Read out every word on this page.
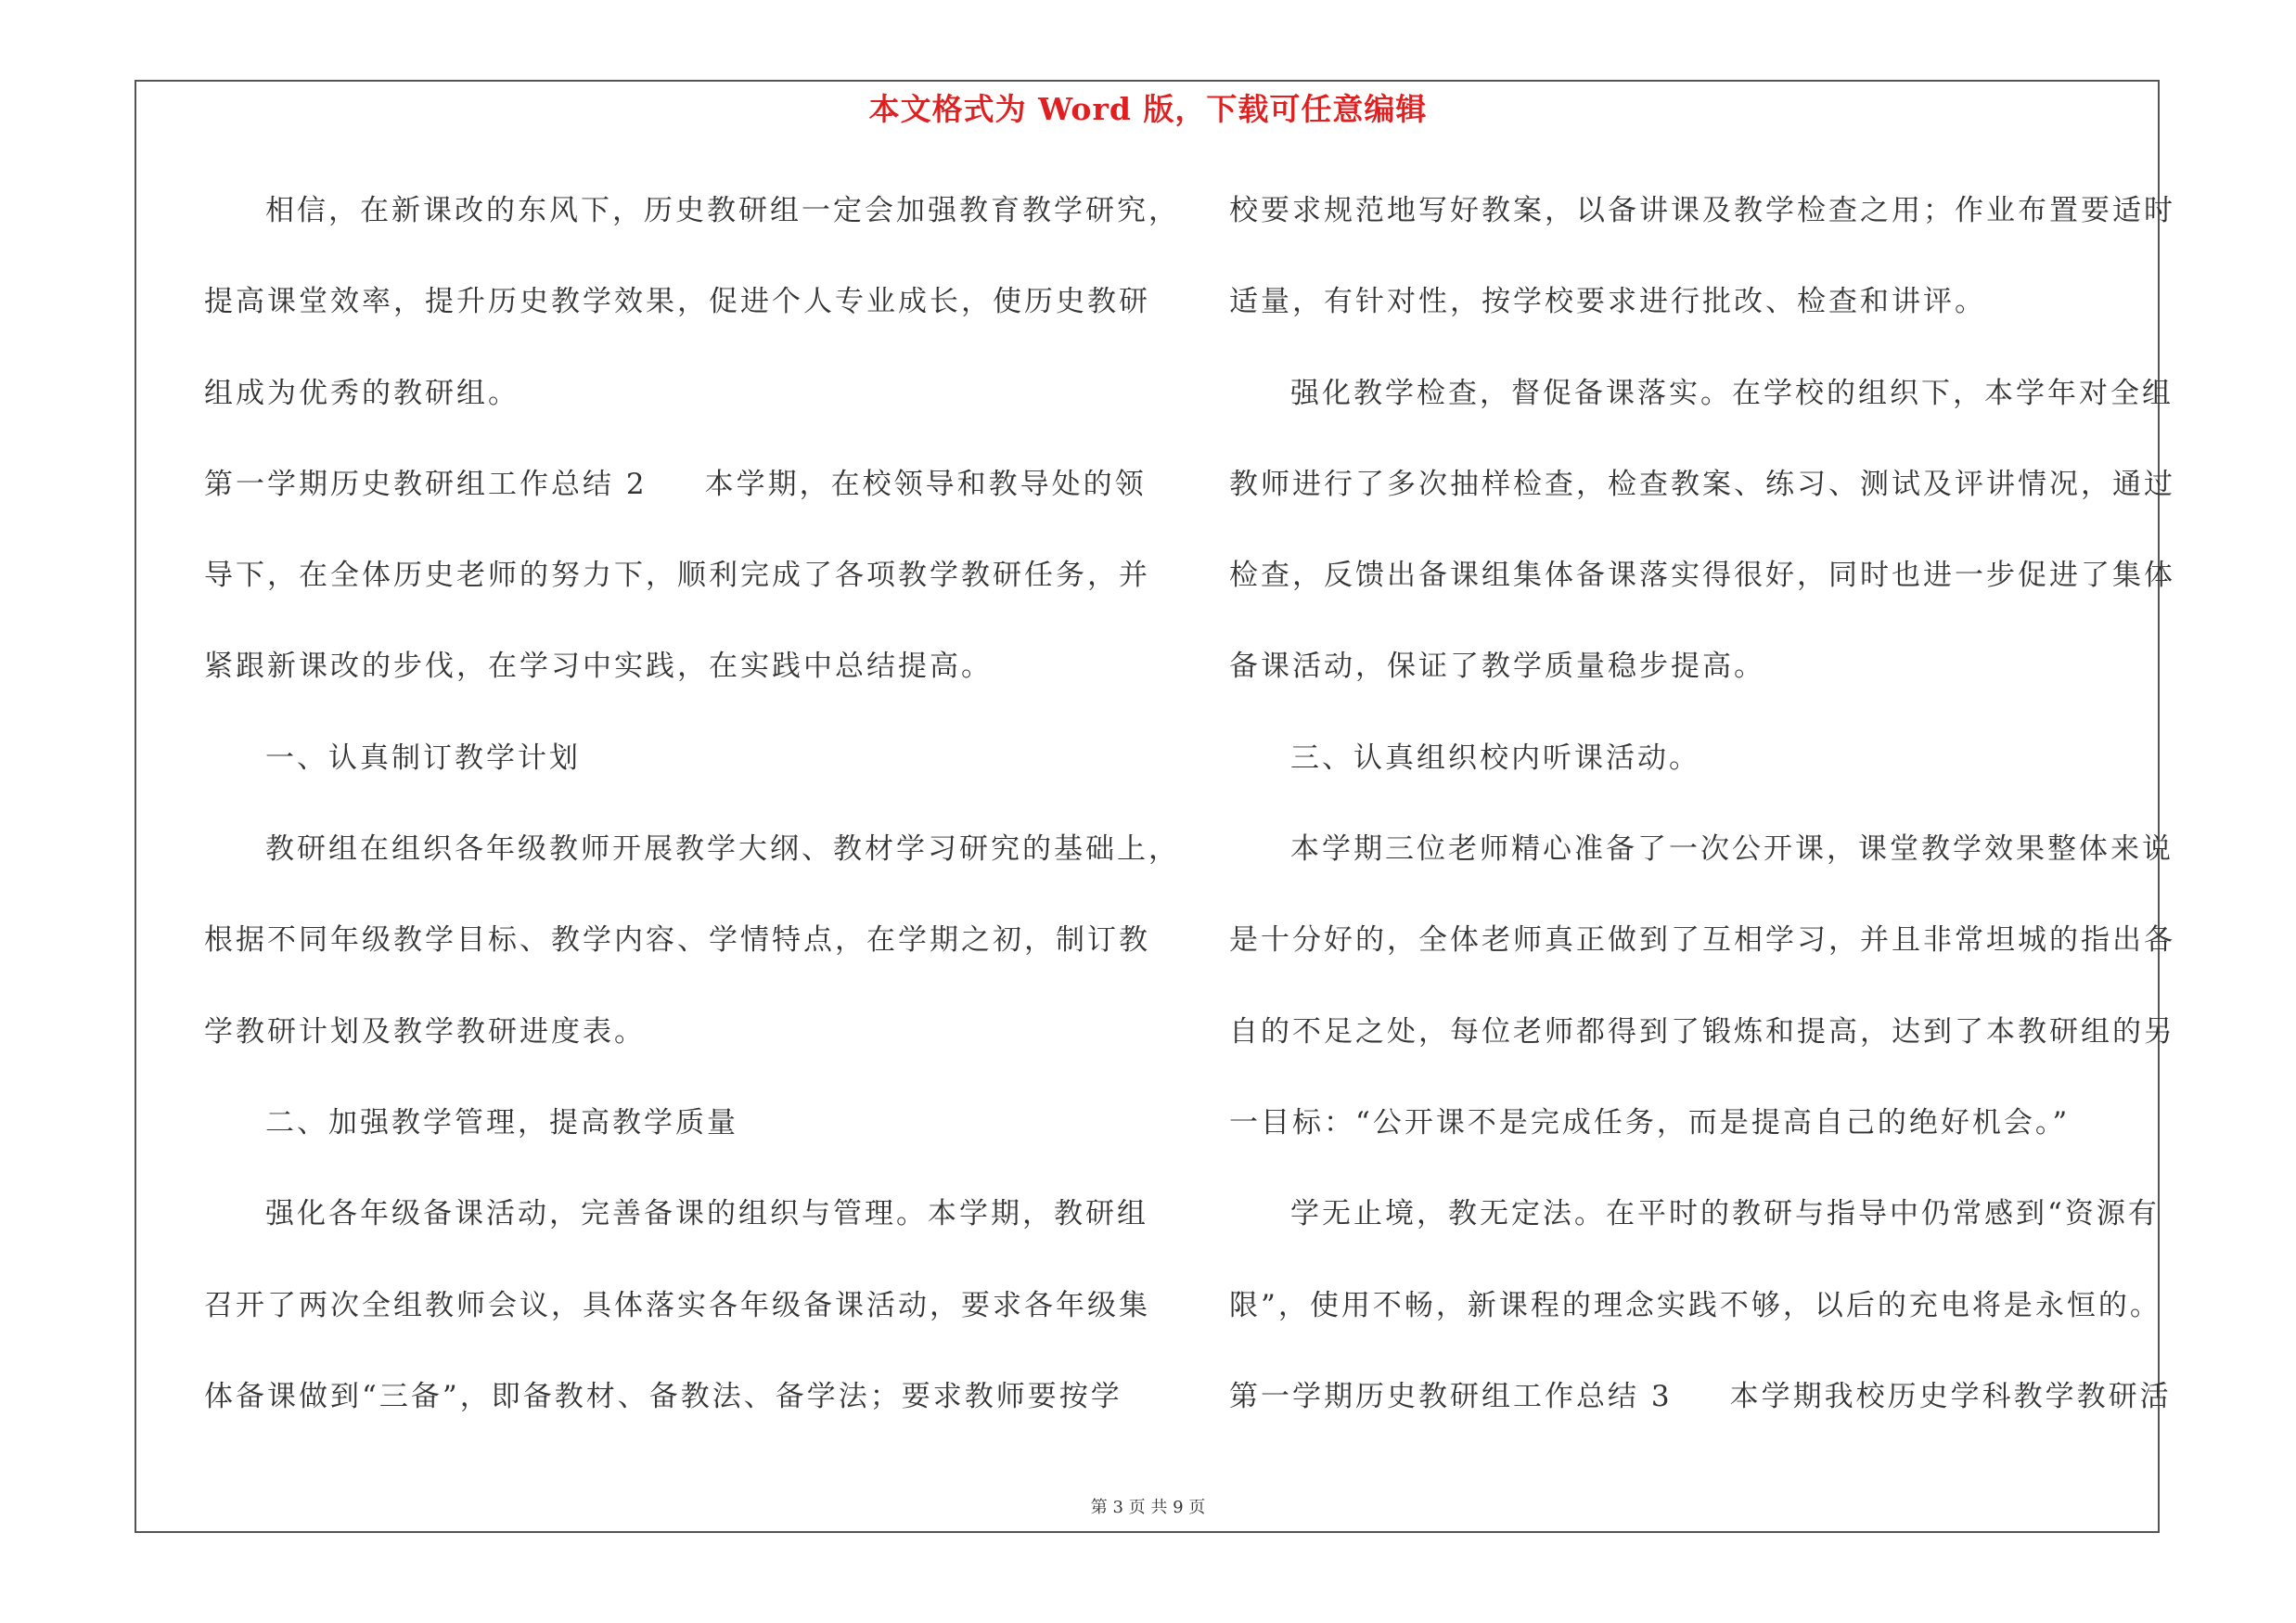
本文格式为 Word 版，下载可任意编辑
相信，在新课改的东风下，历史教研组一定会加强教育教学研究，
提高课堂效率，提升历史教学效果，促进个人专业成长，使历史教研
组成为优秀的教研组。
第一学期历史教研组工作总结 2 本学期，在校领导和教导处的领
导下，在全体历史老师的努力下，顺利完成了各项教学教研任务，并
紧跟新课改的步伐，在学习中实践，在实践中总结提高。
一、认真制订教学计划
教研组在组织各年级教师开展教学大纲、教材学习研究的基础上，
根据不同年级教学目标、教学内容、学情特点，在学期之初，制订教
学教研计划及教学教研进度表。
二、加强教学管理，提高教学质量
强化各年级备课活动，完善备课的组织与管理。本学期，教研组
召开了两次全组教师会议，具体落实各年级备课活动，要求各年级集
体备课做到“三备”，即备教材、备教法、备学法；要求教师要按学
校要求规范地写好教案，以备讲课及教学检查之用；作业布置要适时
适量，有针对性，按学校要求进行批改、检查和讲评。
强化教学检查，督促备课落实。在学校的组织下，本学年对全组
教师进行了多次抽样检查，检查教案、练习、测试及评讲情况，通过
检查，反馈出备课组集体备课落实得很好，同时也进一步促进了集体
备课活动，保证了教学质量稳步提高。
三、认真组织校内听课活动。
本学期三位老师精心准备了一次公开课，课堂教学效果整体来说
是十分好的，全体老师真正做到了互相学习，并且非常坦城的指出各
自的不足之处，每位老师都得到了锻炼和提高，达到了本教研组的另
一目标：“公开课不是完成任务，而是提高自己的绝好机会。”
学无止境，教无定法。在平时的教研与指导中仍常感到“资源有
限”，使用不畅，新课程的理念实践不够，以后的充电将是永恒的。
第一学期历史教研组工作总结 3 本学期我校历史学科教学教研活
第 3 页 共 9 页
